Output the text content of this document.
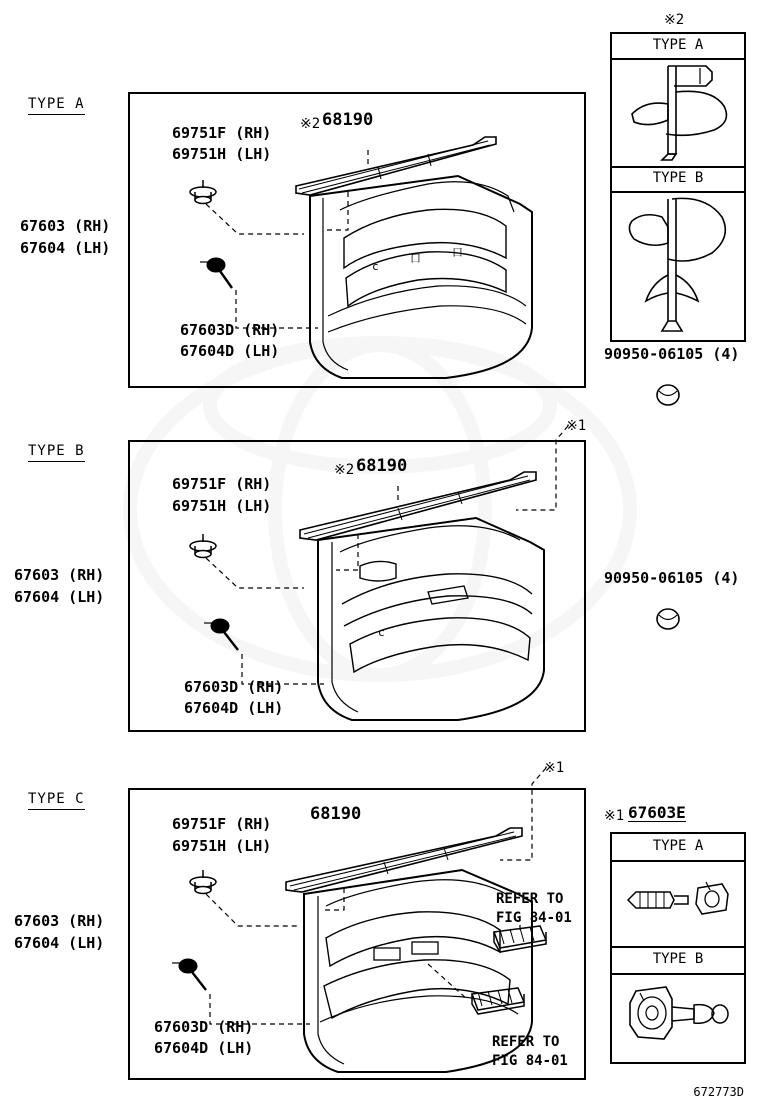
TYPE A
67603 (RH)
67604 (LH)
69751F (RH)
69751H (LH)
※2 68190
67603D (RH)
67604D (LH)
c
口	口
※2
TYPE A
TYPE B
90950-06105 (4)
TYPE B
※1
67603 (RH)
67604 (LH)
69751F (RH)
69751H (LH)
※2 68190
67603D (RH)
67604D (LH)
c
90950-06105 (4)
TYPE C
※1
67603 (RH)
67604 (LH)
69751F (RH)
69751H (LH)
68190
67603D (RH)
67604D (LH)
REFER TO
FIG 84-01
REFER TO
FIG 84-01
※1 67603E
TYPE A
TYPE B
672773D
